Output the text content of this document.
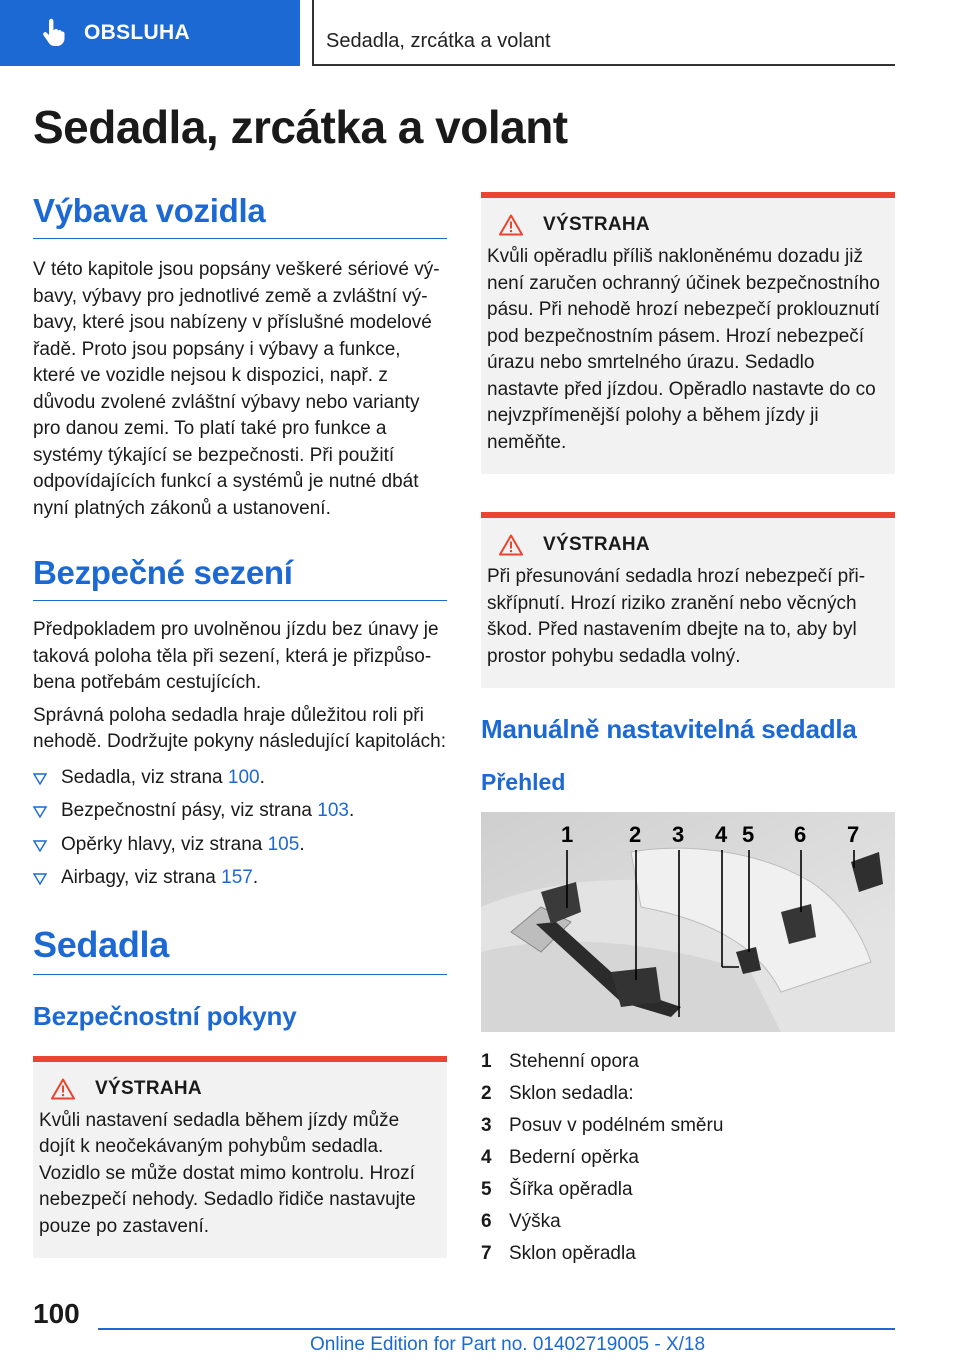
OBSLUHA	Sedadla, zrcátka a volant
Sedadla, zrcátka a volant
Výbava vozidla

V této kapitole jsou popsány veškeré sériové výbavy, výbavy pro jednotlivé země a zvláštní výbavy, které jsou nabízeny v příslušné modelové řadě. Proto jsou popsány i výbavy a funkce, které ve vozidle nejsou k dispozici, např. z důvodu zvolené zvláštní výbavy nebo varianty pro danou zemi. To platí také pro funkce a systémy týkající se bezpečnosti. Při použití odpovídajících funkcí a systémů je nutné dbát nyní platných zákonů a ustanovení.

Bezpečné sezení

Předpokladem pro uvolněnou jízdu bez únavy je taková poloha těla při sezení, která je přizpůsobena potřebám cestujících.

Správná poloha sedadla hraje důležitou roli při nehodě. Dodržujte pokyny následující kapitolách:

Sedadla, viz strana 100.
Bezpečnostní pásy, viz strana 103.
Opěrky hlavy, viz strana 105.
Airbagy, viz strana 157.
Sedadla
Bezpečnostní pokyny
VÝSTRAHA

Kvůli nastavení sedadla během jízdy může dojít k neočekávaným pohybům sedadla. Vozidlo se může dostat mimo kontrolu. Hrozí nebezpečí nehody. Sedadlo řidiče nastavujte pouze po zastavení.

VÝSTRAHA

Kvůli opěradlu příliš nakloněnému dozadu již není zaručen ochranný účinek bezpečnostního pásu. Při nehodě hrozí nebezpečí proklouznutí pod bezpečnostním pásem. Hrozí nebezpečí úrazu nebo smrtelného úrazu. Sedadlo nastavte před jízdou. Opěradlo nastavte do co nejvzpřímenější polohy a během jízdy ji neměňte.

VÝSTRAHA

Při přesunování sedadla hrozí nebezpečí přiskřípnutí. Hrozí riziko zranění nebo věcných škod. Před nastavením dbejte na to, aby byl prostor pohybu sedadla volný.

Manuálně nastavitelná sedadla
Přehled
1	2 3 4 5 6 7
1 Stehenní opora
2 Sklon sedadla:
3 Posuv v podélném směru
4 Bederní opěrka
5 Šířka opěradla
6 Výška
7 Sklon opěradla
100
Online Edition for Part no. 01402719005 - X/18
